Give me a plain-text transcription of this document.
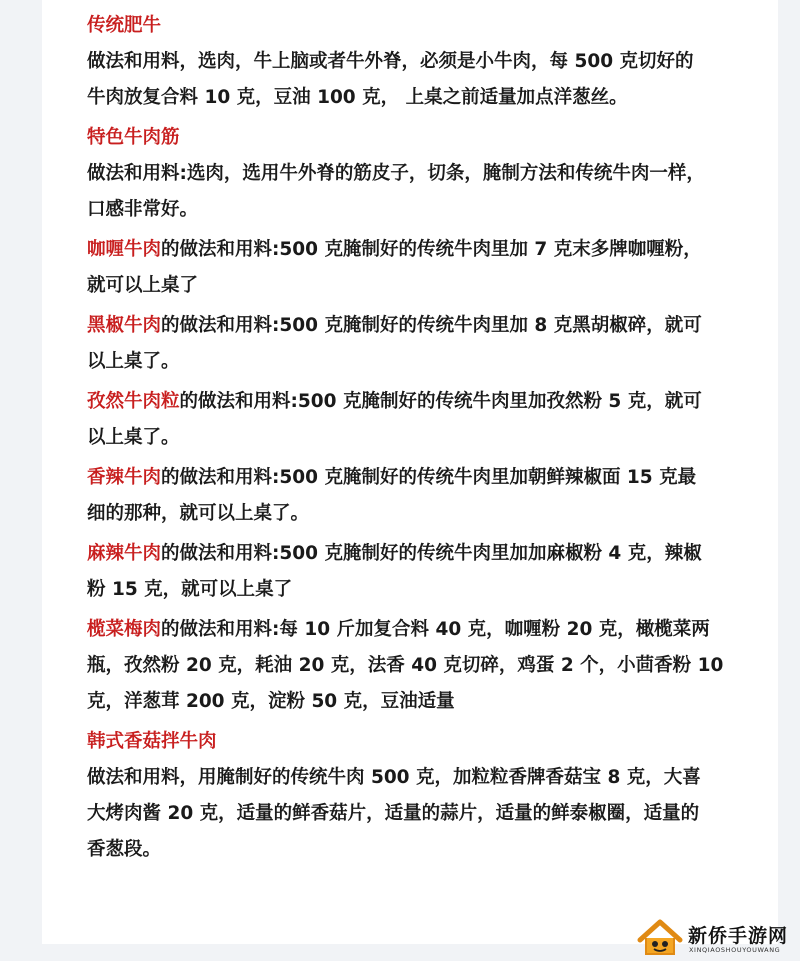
传统肥牛
做法和用料，选肉，牛上脑或者牛外脊，必须是小牛肉，每 500 克切好的
牛肉放复合料 10 克，豆油 100 克， 上桌之前适量加点洋葱丝。
特色牛肉筋
做法和用料:选肉，选用牛外脊的筋皮子，切条，腌制方法和传统牛肉一样，
口感非常好。
咖喱牛肉的做法和用料:500 克腌制好的传统牛肉里加 7 克末多牌咖喱粉，
就可以上桌了
黑椒牛肉的做法和用料:500 克腌制好的传统牛肉里加 8 克黑胡椒碎，就可
以上桌了。
孜然牛肉粒的做法和用料:500 克腌制好的传统牛肉里加孜然粉 5 克，就可
以上桌了。
香辣牛肉的做法和用料:500 克腌制好的传统牛肉里加朝鲜辣椒面 15 克最
细的那种，就可以上桌了。
麻辣牛肉的做法和用料:500 克腌制好的传统牛肉里加加麻椒粉 4 克，辣椒
粉 15 克，就可以上桌了
榄菜梅肉的做法和用料:每 10 斤加复合料 40 克，咖喱粉 20 克，橄榄菜两
瓶，孜然粉 20 克，耗油 20 克，法香 40 克切碎，鸡蛋 2 个，小茴香粉 10
克，洋葱茸 200 克，淀粉 50 克，豆油适量
韩式香菇拌牛肉
做法和用料，用腌制好的传统牛肉 500 克，加粒粒香牌香菇宝 8 克，大喜
大烤肉酱 20 克，适量的鲜香菇片，适量的蒜片，适量的鲜泰椒圈，适量的
香葱段。
新侨手游网
XINQIAOSHOUYOUWANG
